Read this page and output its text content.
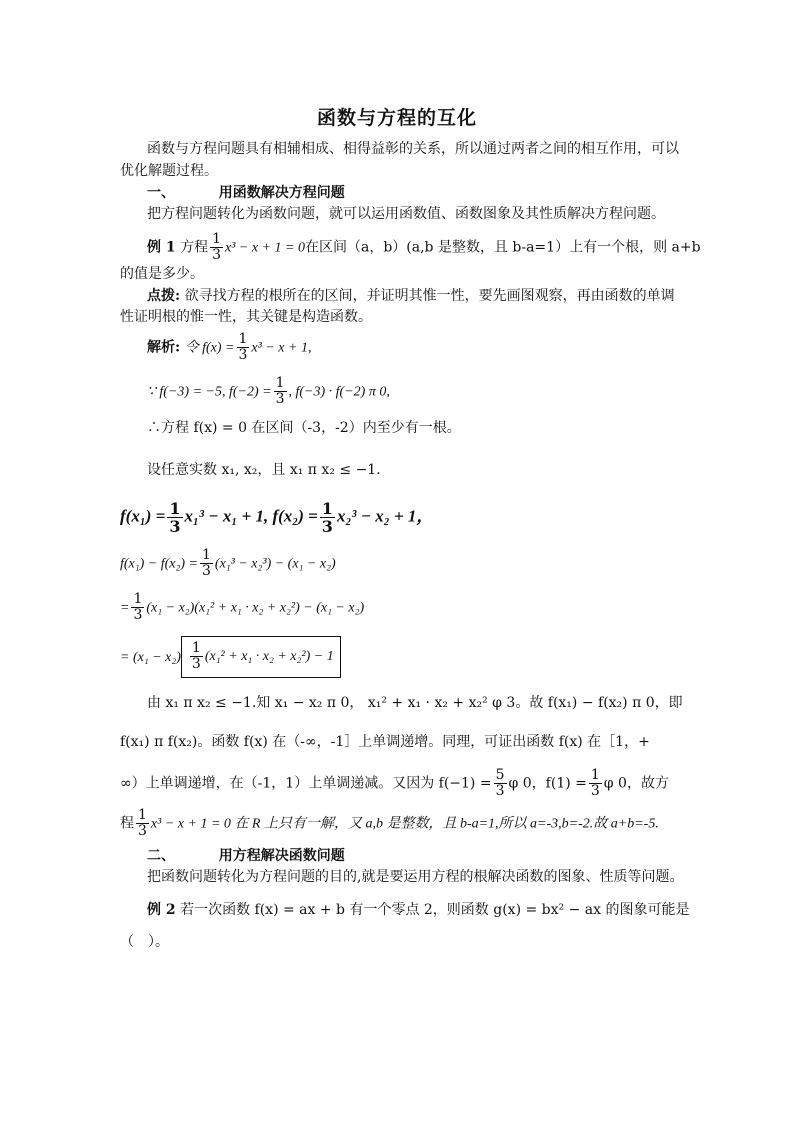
函数与方程的互化
函数与方程问题具有相辅相成、相得益彰的关系，所以通过两者之间的相互作用，可以
优化解题过程。
一、	用函数解决方程问题
把方程问题转化为函数问题，就可以运用函数值、函数图象及其性质解决方程问题。
例 1 方程 $\frac{1}{3} x^3 - x + 1 = 0$在区间（a，b）(a,b 是整数，且 b-a=1）上有一个根，则 a+b
的值是多少。
点拨: 欲寻找方程的根所在的区间，并证明其惟一性，要先画图观察，再由函数的单调
性证明根的惟一性，其关键是构造函数。
解析: 令 $f(x) = \frac{1}{3} x^3 - x + 1$,
∵ f(−3) = −5, $f(-2) = \frac{1}{3}$ , f(−3) · f(−2) π 0,
∴方程 f(x) = 0 在区间（-3，-2）内至少有一根。
设任意实数 x₁, x₂，且 x₁ π x₂ ≤ −1.
$f(x_1) = \frac{1}{3} x_1^3 - x_1 + 1$, $f(x_2) = \frac{1}{3} x_2^3 - x_2 + 1$，
$f(x_1) - f(x_2) = \frac{1}{3} (x_1^3 - x_2^3) - (x_1 - x_2)$
= $\frac{1}{3} (x_1 - x_2)(x_1^2 + x_1 \cdot x_2 + x_2^2) - (x_1 - x_2)$
= $(x_1 - x_2) \frac{1}{3} (x_1^2 + x_1 \cdot x_2 + x_2^2) - 1$
由 x₁ π x₂ ≤ −1.知 x₁ − x₂ π 0， x₁² + x₁ · x₂ + x₂² φ 3。故 f(x₁) − f(x₂) π 0，即
f(x₁) π f(x₂)。函数 f(x) 在（-∞，-1］上单调递增。同理，可证出函数 f(x) 在［1，+
∞）上单调递增，在（-1，1）上单调递减。又因为 $f(-1) = \frac{5}{3}$ φ 0，$f(1) = \frac{1}{3}$ φ 0，故方
程 $\frac{1}{3} x^3 - x + 1 = 0$ 在 R 上只有一解，又 a,b 是整数，且 b-a=1,所以 a=-3,b=-2.故 a+b=-5.
二、	用方程解决函数问题
把函数问题转化为方程问题的目的,就是要运用方程的根解决函数的图象、性质等问题。
例 2 若一次函数 f(x) = ax + b 有一个零点 2，则函数 g(x) = bx² − ax 的图象可能是
（　）。
